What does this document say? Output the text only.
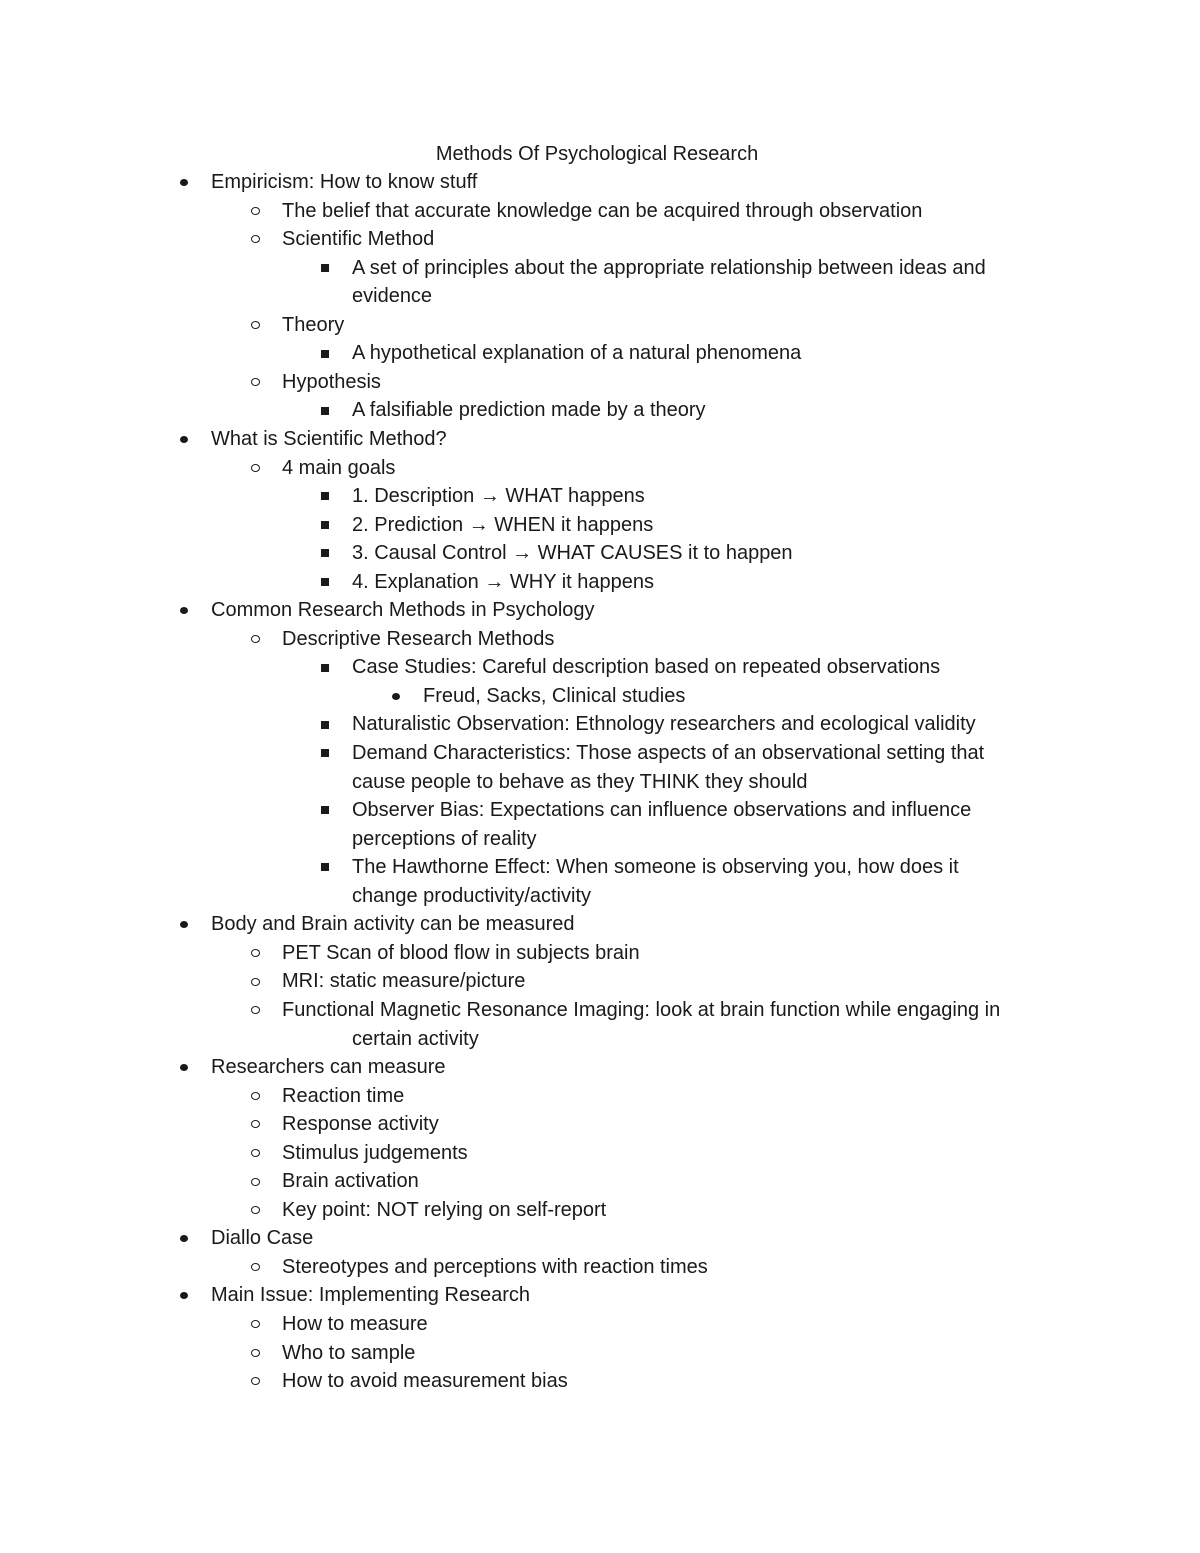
Methods Of Psychological Research
Empiricism: How to know stuff
The belief that accurate knowledge can be acquired through observation
Scientific Method
A set of principles about the appropriate relationship between ideas and
evidence
Theory
A hypothetical explanation of a natural phenomena
Hypothesis
A falsifiable prediction made by a theory
What is Scientific Method?
4 main goals
1. Description → WHAT happens
2. Prediction → WHEN it happens
3. Causal Control → WHAT CAUSES it to happen
4. Explanation → WHY it happens
Common Research Methods in Psychology
Descriptive Research Methods
Case Studies: Careful description based on repeated observations
Freud, Sacks, Clinical studies
Naturalistic Observation: Ethnology researchers and ecological validity
Demand Characteristics: Those aspects of an observational setting that
cause people to behave as they THINK they should
Observer Bias: Expectations can influence observations and influence
perceptions of reality
The Hawthorne Effect: When someone is observing you, how does it
change productivity/activity
Body and Brain activity can be measured
PET Scan of blood flow in subjects brain
MRI: static measure/picture
Functional Magnetic Resonance Imaging: look at brain function while engaging in
certain activity
Researchers can measure
Reaction time
Response activity
Stimulus judgements
Brain activation
Key point: NOT relying on self-report
Diallo Case
Stereotypes and perceptions with reaction times
Main Issue: Implementing Research
How to measure
Who to sample
How to avoid measurement bias
